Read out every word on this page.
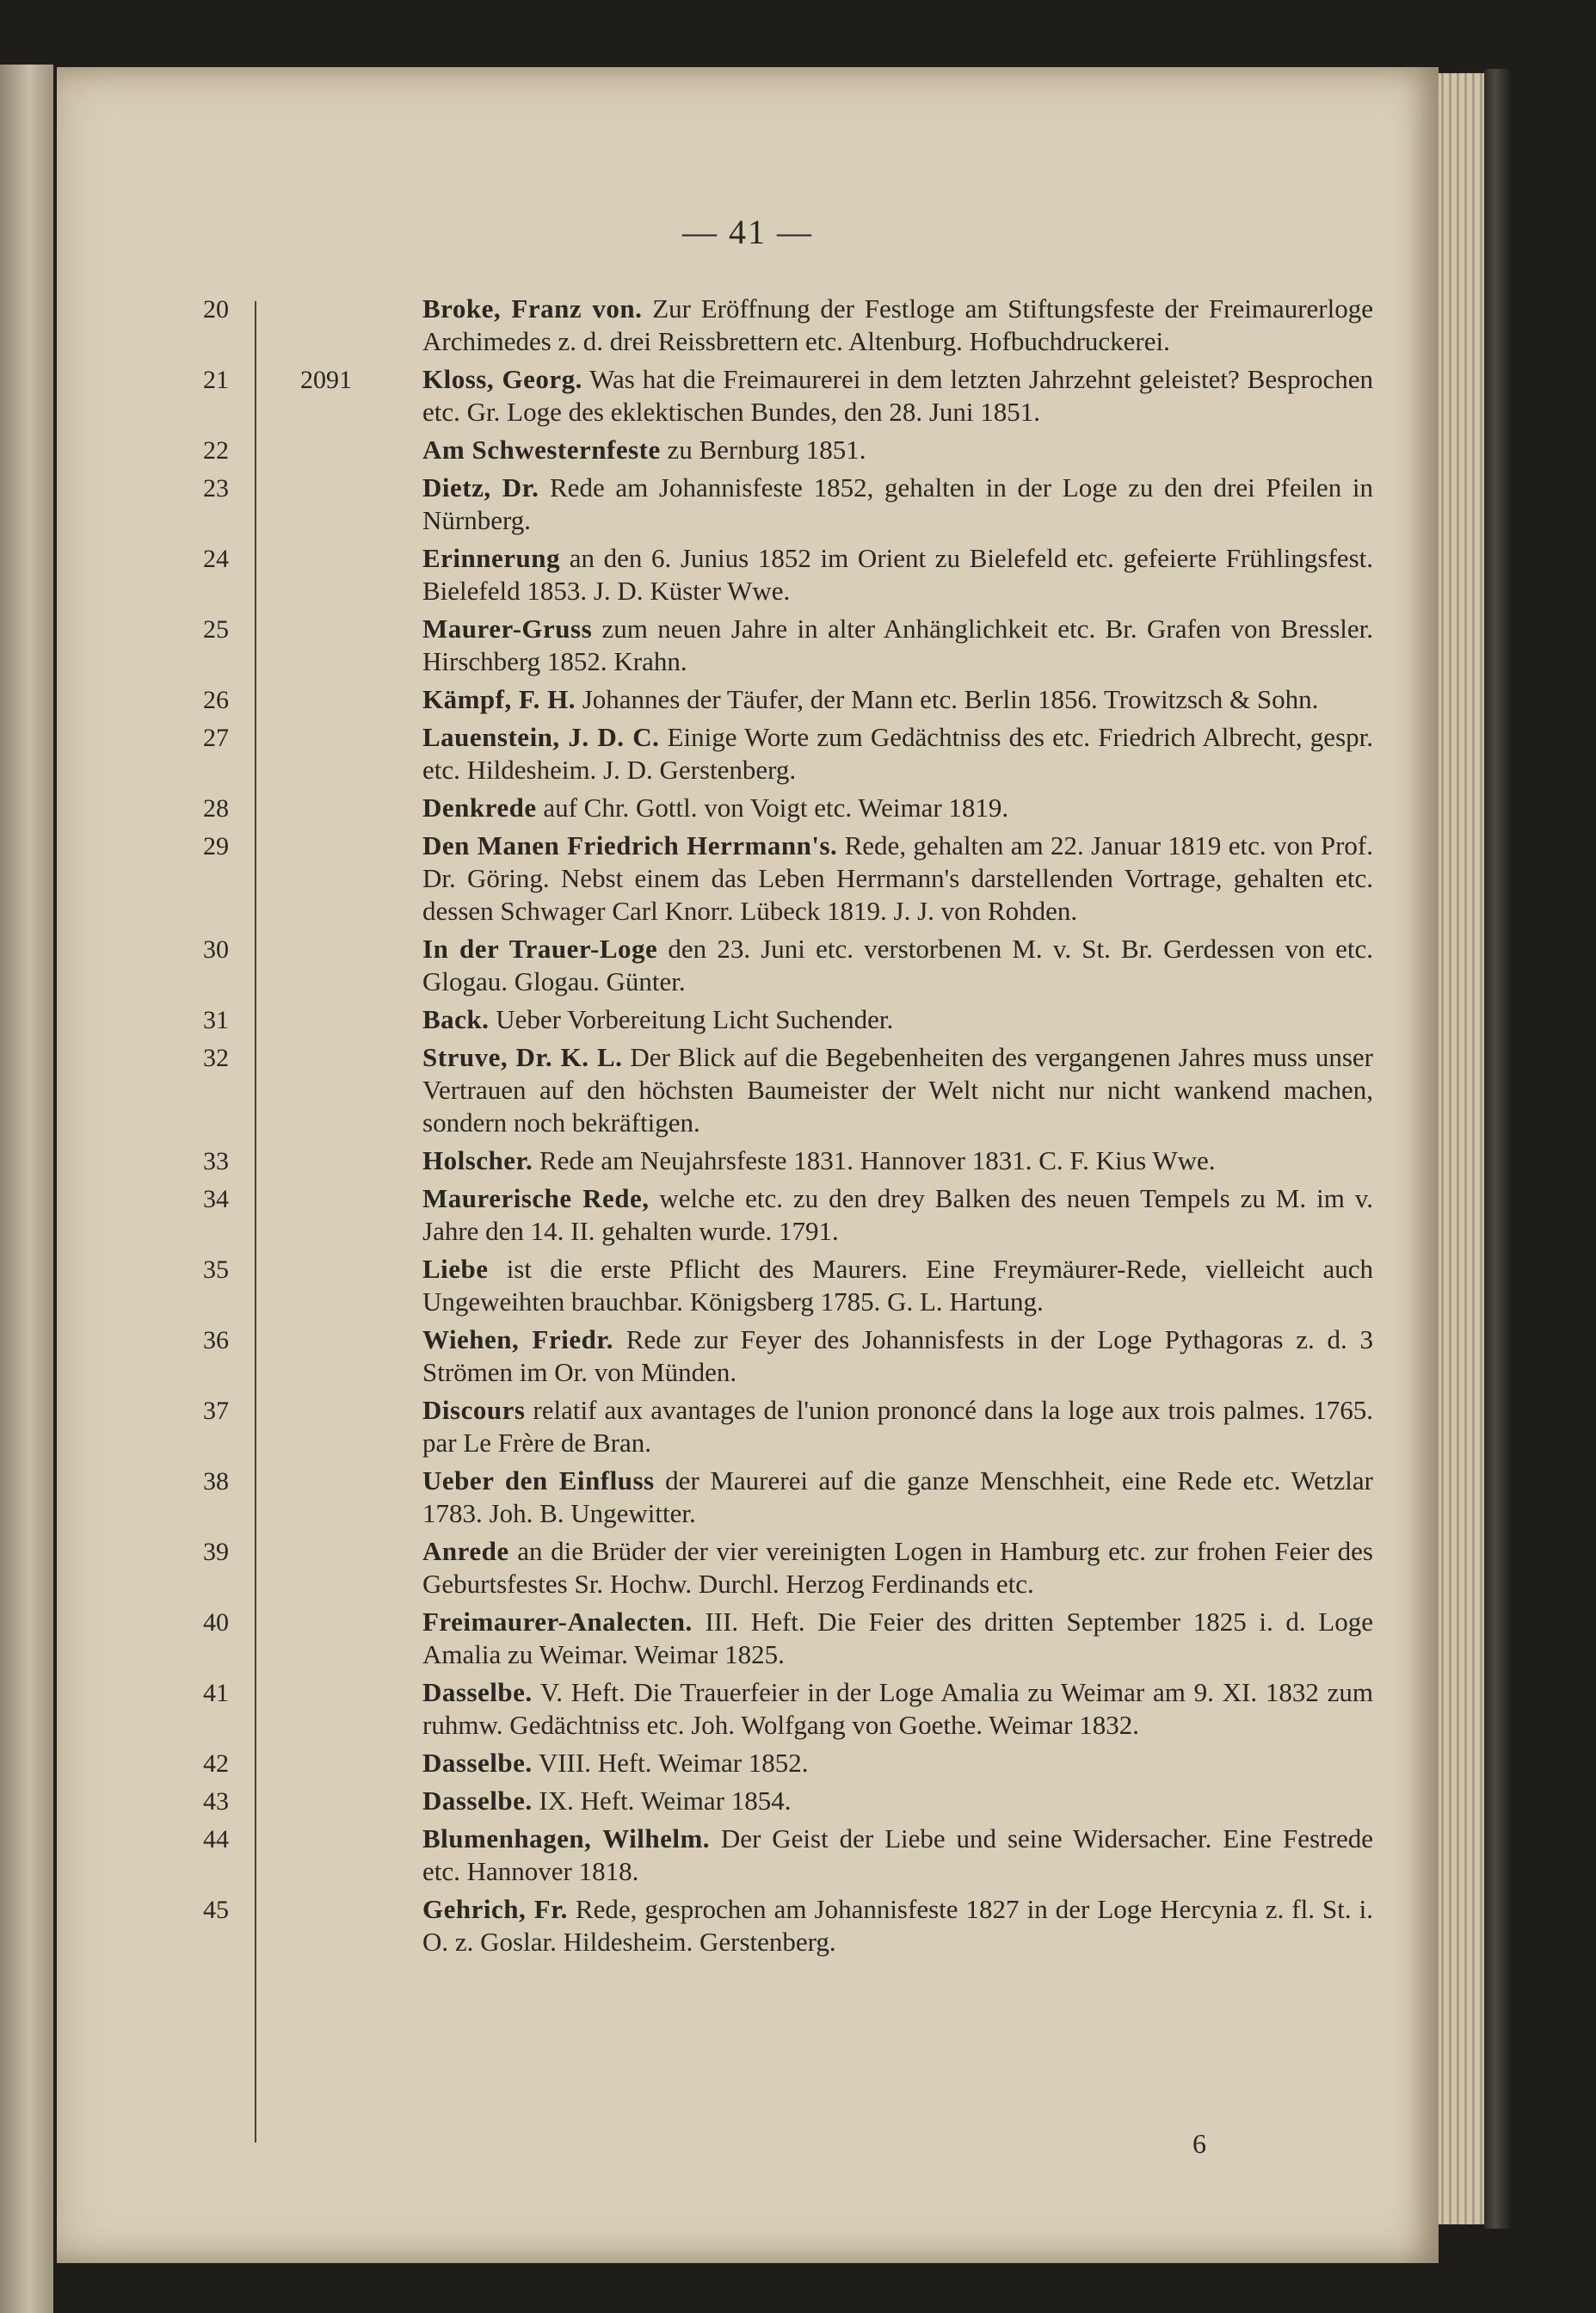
— 41 —
20	Broke, Franz von. Zur Eröffnung der Festloge am Stiftungsfeste der Freimaurerloge Archimedes z. d. drei Reissbrettern etc. Altenburg. Hofbuchdruckerei.
21	2091	Kloss, Georg. Was hat die Freimaurerei in dem letzten Jahrzehnt geleistet? Besprochen etc. Gr. Loge des eklektischen Bundes, den 28. Juni 1851.
22	Am Schwesternfeste zu Bernburg 1851.
23	Dietz, Dr. Rede am Johannisfeste 1852, gehalten in der Loge zu den drei Pfeilen in Nürnberg.
24	Erinnerung an den 6. Junius 1852 im Orient zu Bielefeld etc. gefeierte Frühlingsfest. Bielefeld 1853. J. D. Küster Wwe.
25	Maurer-Gruss zum neuen Jahre in alter Anhänglichkeit etc. Br. Grafen von Bressler. Hirschberg 1852. Krahn.
26	Kämpf, F. H. Johannes der Täufer, der Mann etc. Berlin 1856. Trowitzsch & Sohn.
27	Lauenstein, J. D. C. Einige Worte zum Gedächtniss des etc. Friedrich Albrecht, gespr. etc. Hildesheim. J. D. Gerstenberg.
28	Denkrede auf Chr. Gottl. von Voigt etc. Weimar 1819.
29	Den Manen Friedrich Herrmann's. Rede, gehalten am 22. Januar 1819 etc. von Prof. Dr. Göring. Nebst einem das Leben Herrmann's darstellenden Vortrage, gehalten etc. dessen Schwager Carl Knorr. Lübeck 1819. J. J. von Rohden.
30	In der Trauer-Loge den 23. Juni etc. verstorbenen M. v. St. Br. Gerdessen von etc. Glogau. Glogau. Günter.
31	Back. Ueber Vorbereitung Licht Suchender.
32	Struve, Dr. K. L. Der Blick auf die Begebenheiten des vergangenen Jahres muss unser Vertrauen auf den höchsten Baumeister der Welt nicht nur nicht wankend machen, sondern noch bekräftigen.
33	Holscher. Rede am Neujahrsfeste 1831. Hannover 1831. C. F. Kius Wwe.
34	Maurerische Rede, welche etc. zu den drey Balken des neuen Tempels zu M. im v. Jahre den 14. II. gehalten wurde. 1791.
35	Liebe ist die erste Pflicht des Maurers. Eine Freymäurer-Rede, vielleicht auch Ungeweihten brauchbar. Königsberg 1785. G. L. Hartung.
36	Wiehen, Friedr. Rede zur Feyer des Johannisfests in der Loge Pythagoras z. d. 3 Strömen im Or. von Münden.
37	Discours relatif aux avantages de l'union prononcé dans la loge aux trois palmes. 1765. par Le Frère de Bran.
38	Ueber den Einfluss der Maurerei auf die ganze Menschheit, eine Rede etc. Wetzlar 1783. Joh. B. Ungewitter.
39	Anrede an die Brüder der vier vereinigten Logen in Hamburg etc. zur frohen Feier des Geburtsfestes Sr. Hochw. Durchl. Herzog Ferdinands etc.
40	Freimaurer-Analecten. III. Heft. Die Feier des dritten September 1825 i. d. Loge Amalia zu Weimar. Weimar 1825.
41	Dasselbe. V. Heft. Die Trauerfeier in der Loge Amalia zu Weimar am 9. XI. 1832 zum ruhmw. Gedächtniss etc. Joh. Wolfgang von Goethe. Weimar 1832.
42	Dasselbe. VIII. Heft. Weimar 1852.
43	Dasselbe. IX. Heft. Weimar 1854.
44	Blumenhagen, Wilhelm. Der Geist der Liebe und seine Widersacher. Eine Festrede etc. Hannover 1818.
45	Gehrich, Fr. Rede, gesprochen am Johannisfeste 1827 in der Loge Hercynia z. fl. St. i. O. z. Goslar. Hildesheim. Gerstenberg.
6
